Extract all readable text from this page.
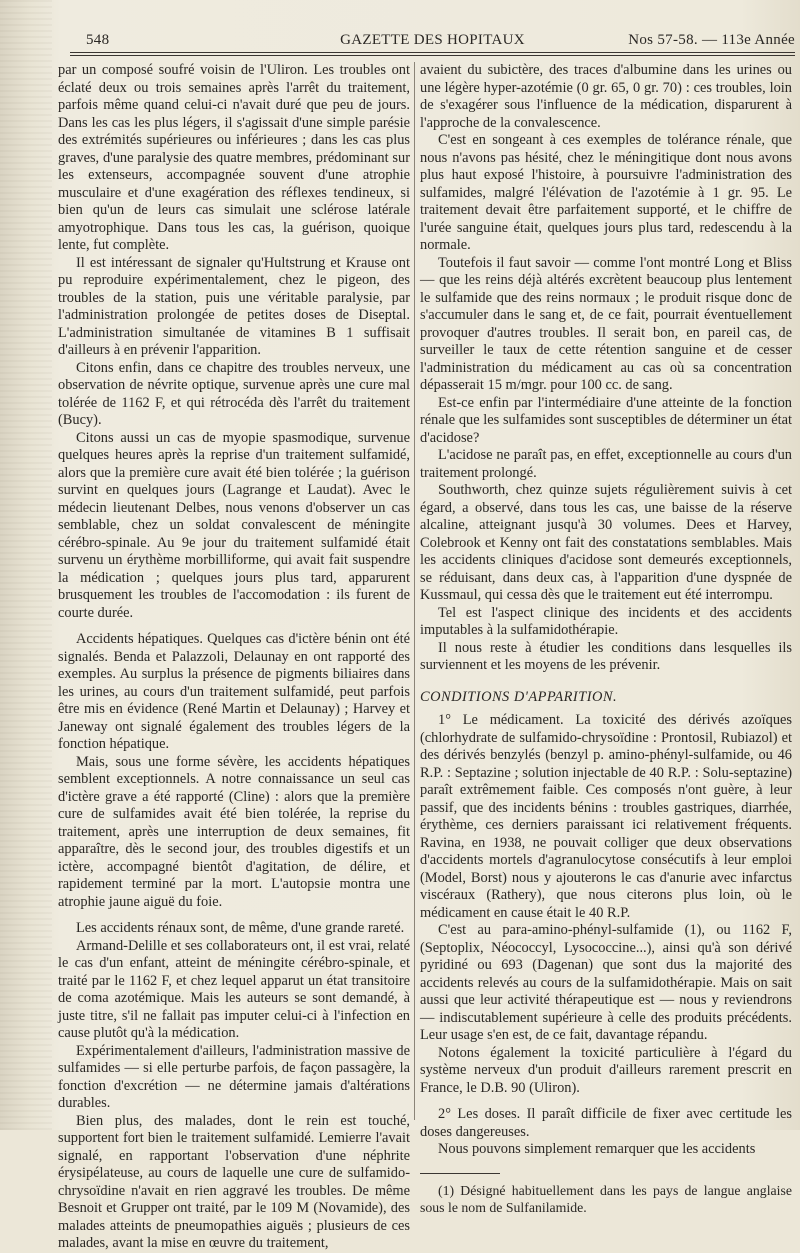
548	GAZETTE DES HOPITAUX	Nos 57-58. — 113e Année

par un composé soufré voisin de l'Uliron. Les troubles ont éclaté deux ou trois semaines après l'arrêt du traitement, parfois même quand celui-ci n'avait duré que peu de jours. Dans les cas les plus légers, il s'agissait d'une simple parésie des extrémités supérieures ou inférieures ; dans les cas plus graves, d'une paralysie des quatre membres, prédominant sur les extenseurs, accompagnée souvent d'une atrophie musculaire et d'une exagération des réflexes tendineux, si bien qu'un de leurs cas simulait une sclérose latérale amyotrophique. Dans tous les cas, la guérison, quoique lente, fut complète.

Il est intéressant de signaler qu'Hultstrung et Krause ont pu reproduire expérimentalement, chez le pigeon, des troubles de la station, puis une véritable paralysie, par l'administration prolongée de petites doses de Diseptal. L'administration simultanée de vitamines B 1 suffisait d'ailleurs à en prévenir l'apparition.

Citons enfin, dans ce chapitre des troubles nerveux, une observation de névrite optique, survenue après une cure mal tolérée de 1162 F, et qui rétrocéda dès l'arrêt du traitement (Bucy).

Citons aussi un cas de myopie spasmodique, survenue quelques heures après la reprise d'un traitement sulfamidé, alors que la première cure avait été bien tolérée ; la guérison survint en quelques jours (Lagrange et Laudat). Avec le médecin lieutenant Delbes, nous venons d'observer un cas semblable, chez un soldat convalescent de méningite cérébro-spinale. Au 9e jour du traitement sulfamidé était survenu un érythème morbilliforme, qui avait fait suspendre la médication ; quelques jours plus tard, apparurent brusquement les troubles de l'accomodation : ils furent de courte durée.

Accidents hépatiques. Quelques cas d'ictère bénin ont été signalés. Benda et Palazzoli, Delaunay en ont rapporté des exemples. Au surplus la présence de pigments biliaires dans les urines, au cours d'un traitement sulfamidé, peut parfois être mis en évidence (René Martin et Delaunay) ; Harvey et Janeway ont signalé également des troubles légers de la fonction hépatique.

Mais, sous une forme sévère, les accidents hépatiques semblent exceptionnels. A notre connaissance un seul cas d'ictère grave a été rapporté (Cline) : alors que la première cure de sulfamides avait été bien tolérée, la reprise du traitement, après une interruption de deux semaines, fit apparaître, dès le second jour, des troubles digestifs et un ictère, accompagné bientôt d'agitation, de délire, et rapidement terminé par la mort. L'autopsie montra une atrophie jaune aiguë du foie.

Les accidents rénaux sont, de même, d'une grande rareté.

Armand-Delille et ses collaborateurs ont, il est vrai, relaté le cas d'un enfant, atteint de méningite cérébro-spinale, et traité par le 1162 F, et chez lequel apparut un état transitoire de coma azotémique. Mais les auteurs se sont demandé, à juste titre, s'il ne fallait pas imputer celui-ci à l'infection en cause plutôt qu'à la médication.

Expérimentalement d'ailleurs, l'administration massive de sulfamides — si elle perturbe parfois, de façon passagère, la fonction d'excrétion — ne détermine jamais d'altérations durables.

Bien plus, des malades, dont le rein est touché, supportent fort bien le traitement sulfamidé. Lemierre l'avait signalé, en rapportant l'observation d'une néphrite érysipélateuse, au cours de laquelle une cure de sulfamido-chrysoïdine n'avait en rien aggravé les troubles. De même Besnoit et Grupper ont traité, par le 109 M (Novamide), des malades atteints de pneumopathies aiguës ; plusieurs de ces malades, avant la mise en œuvre du traitement,

avaient du subictère, des traces d'albumine dans les urines ou une légère hyper-azotémie (0 gr. 65, 0 gr. 70) : ces troubles, loin de s'exagérer sous l'influence de la médication, disparurent à l'approche de la convalescence.

C'est en songeant à ces exemples de tolérance rénale, que nous n'avons pas hésité, chez le méningitique dont nous avons plus haut exposé l'histoire, à poursuivre l'administration des sulfamides, malgré l'élévation de l'azotémie à 1 gr. 95. Le traitement devait être parfaitement supporté, et le chiffre de l'urée sanguine était, quelques jours plus tard, redescendu à la normale.

Toutefois il faut savoir — comme l'ont montré Long et Bliss — que les reins déjà altérés excrètent beaucoup plus lentement le sulfamide que des reins normaux ; le produit risque donc de s'accumuler dans le sang et, de ce fait, pourrait éventuellement provoquer d'autres troubles. Il serait bon, en pareil cas, de surveiller le taux de cette rétention sanguine et de cesser l'administration du médicament au cas où sa concentration dépasserait 15 m/mgr. pour 100 cc. de sang.

Est-ce enfin par l'intermédiaire d'une atteinte de la fonction rénale que les sulfamides sont susceptibles de déterminer un état d'acidose?

L'acidose ne paraît pas, en effet, exceptionnelle au cours d'un traitement prolongé.

Southworth, chez quinze sujets régulièrement suivis à cet égard, a observé, dans tous les cas, une baisse de la réserve alcaline, atteignant jusqu'à 30 volumes. Dees et Harvey, Colebrook et Kenny ont fait des constatations semblables. Mais les accidents cliniques d'acidose sont demeurés exceptionnels, se réduisant, dans deux cas, à l'apparition d'une dyspnée de Kussmaul, qui cessa dès que le traitement eut été interrompu.

Tel est l'aspect clinique des incidents et des accidents imputables à la sulfamidothérapie.

Il nous reste à étudier les conditions dans lesquelles ils surviennent et les moyens de les prévenir.

CONDITIONS D'APPARITION.

1° Le médicament. La toxicité des dérivés azoïques (chlorhydrate de sulfamido-chrysoïdine : Prontosil, Rubiazol) et des dérivés benzylés (benzyl p. amino-phényl-sulfamide, ou 46 R.P. : Septazine ; solution injectable de 40 R.P. : Solu-septazine) paraît extrêmement faible. Ces composés n'ont guère, à leur passif, que des incidents bénins : troubles gastriques, diarrhée, érythème, ces derniers paraissant ici relativement fréquents. Ravina, en 1938, ne pouvait colliger que deux observations d'accidents mortels d'agranulocytose consécutifs à leur emploi (Model, Borst) nous y ajouterons le cas d'anurie avec infarctus viscéraux (Rathery), que nous citerons plus loin, où le médicament en cause était le 40 R.P.

C'est au para-amino-phényl-sulfamide (1), ou 1162 F, (Septoplix, Néococcyl, Lysococcine...), ainsi qu'à son dérivé pyridiné ou 693 (Dagenan) que sont dus la majorité des accidents relevés au cours de la sulfamidothérapie. Mais on sait aussi que leur activité thérapeutique est — nous y reviendrons — indiscutablement supérieure à celle des produits précédents. Leur usage s'en est, de ce fait, davantage répandu.

Notons également la toxicité particulière à l'égard du système nerveux d'un produit d'ailleurs rarement prescrit en France, le D.B. 90 (Uliron).

2° Les doses. Il paraît difficile de fixer avec certitude les doses dangereuses.

Nous pouvons simplement remarquer que les accidents

(1) Désigné habituellement dans les pays de langue anglaise sous le nom de Sulfanilamide.
